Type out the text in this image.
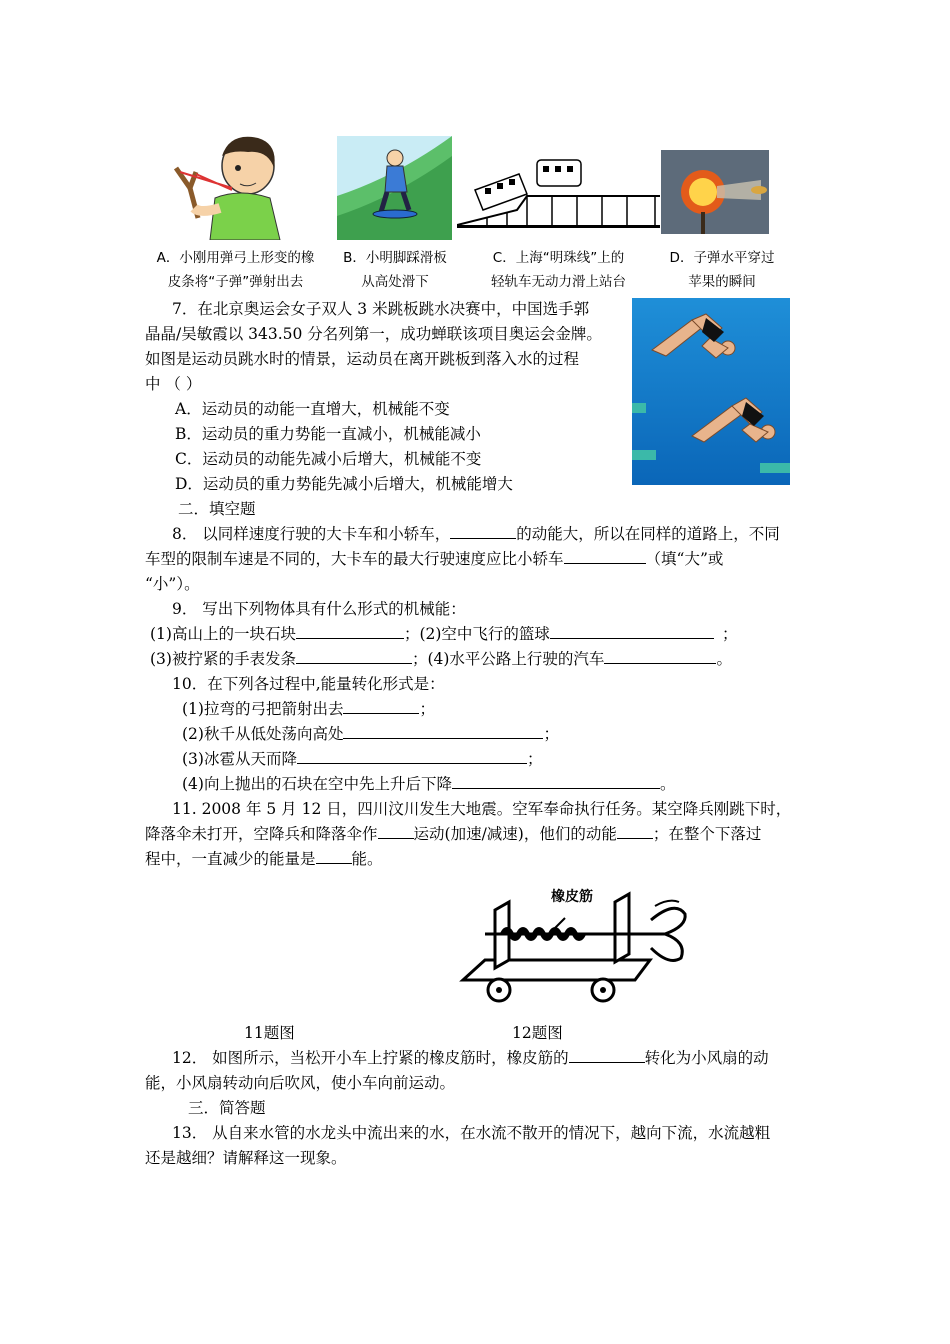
A．小刚用弹弓上形变的橡
皮条将“子弹”弹射出去
B．小明脚踩滑板
从高处滑下
C．上海“明珠线”上的
轻轨车无动力滑上站台
D．子弹水平穿过
苹果的瞬间
7．在北京奥运会女子双人 3 米跳板跳水决赛中，中国选手郭
晶晶/吴敏霞以 343.50 分名列第一，成功蝉联该项目奥运会金牌。
如图是运动员跳水时的情景，运动员在离开跳板到落入水的过程
中 （ ）
A．运动员的动能一直增大，机械能不变
B．运动员的重力势能一直减小，机械能减小
C．运动员的动能先减小后增大，机械能不变
D．运动员的重力势能先减小后增大，机械能增大
二．填空题
8． 以同样速度行驶的大卡车和小轿车，	的动能大，所以在同样的道路上，不同
车型的限制车速是不同的，大卡车的最大行驶速度应比小轿车	（填“大”或
“小”）。
9． 写出下列物体具有什么形式的机械能：
(1)高山上的一块石块	；(2)空中飞行的篮球	；
(3)被拧紧的手表发条	；(4)水平公路上行驶的汽车	。
10．在下列各过程中,能量转化形式是：
(1)拉弯的弓把箭射出去	；
(2)秋千从低处荡向高处	；
(3)冰雹从天而降	；
(4)向上抛出的石块在空中先上升后下降	。
11. 2008 年 5 月 12 日，四川汶川发生大地震。空军奉命执行任务。某空降兵刚跳下时，
降落伞未打开，空降兵和降落伞作 运动(加速/减速)，他们的动能 ；在整个下落过
程中，一直减少的能量是 能。
橡皮筋
11题图	12题图
12． 如图所示，当松开小车上拧紧的橡皮筋时，橡皮筋的	转化为小风扇的动
能，小风扇转动向后吹风，使小车向前运动。
三．简答题
13． 从自来水管的水龙头中流出来的水，在水流不散开的情况下，越向下流，水流越粗
还是越细？请解释这一现象。
